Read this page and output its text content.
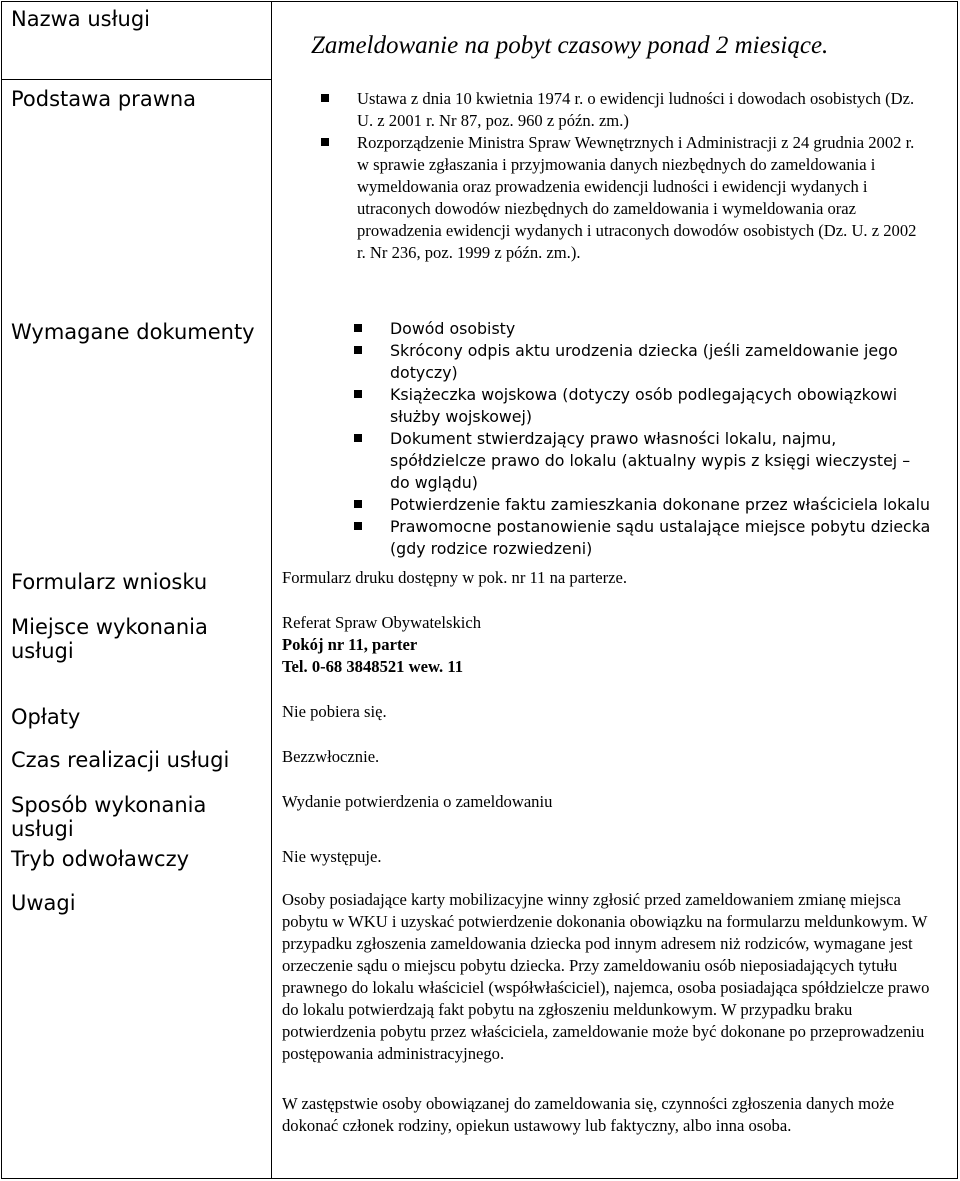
Nazwa usługi
Podstawa prawna
Wymagane dokumenty
Formularz wniosku
Miejsce wykonania usługi
Opłaty
Czas realizacji usługi
Sposób wykonania usługi
Tryb odwoławczy
Uwagi
Zameldowanie na pobyt czasowy ponad 2 miesiące.
Ustawa z dnia 10 kwietnia 1974 r. o ewidencji ludności i dowodach osobistych (Dz. U. z 2001 r. Nr 87, poz. 960 z późn. zm.)
Rozporządzenie Ministra Spraw Wewnętrznych i Administracji z 24 grudnia 2002 r. w sprawie zgłaszania i przyjmowania danych niezbędnych do zameldowania i wymeldowania oraz prowadzenia ewidencji ludności i ewidencji wydanych i utraconych dowodów niezbędnych do zameldowania i wymeldowania oraz prowadzenia ewidencji wydanych i utraconych dowodów osobistych (Dz. U. z 2002 r. Nr 236, poz. 1999 z późn. zm.).
Dowód osobisty
Skrócony odpis aktu urodzenia dziecka (jeśli zameldowanie jego dotyczy)
Książeczka wojskowa (dotyczy osób podlegających obowiązkowi służby wojskowej)
Dokument stwierdzający prawo własności lokalu, najmu, spółdzielcze prawo do lokalu (aktualny wypis z księgi wieczystej – do wglądu)
Potwierdzenie faktu zamieszkania dokonane przez właściciela lokalu
Prawomocne postanowienie sądu ustalające miejsce pobytu dziecka (gdy rodzice rozwiedzeni)
Formularz druku dostępny w pok. nr 11 na parterze.
Referat Spraw Obywatelskich
Pokój nr 11, parter
Tel. 0-68 3848521 wew. 11
Nie pobiera się.
Bezzwłocznie.
Wydanie potwierdzenia o zameldowaniu
Nie występuje.
Osoby posiadające karty mobilizacyjne winny zgłosić przed zameldowaniem zmianę miejsca pobytu w WKU i uzyskać potwierdzenie dokonania obowiązku na formularzu meldunkowym. W przypadku zgłoszenia zameldowania dziecka pod innym adresem niż rodziców, wymagane jest orzeczenie sądu o miejscu pobytu dziecka. Przy zameldowaniu osób nieposiadających tytułu prawnego do lokalu właściciel (współwłaściciel), najemca, osoba posiadająca spółdzielcze prawo do lokalu potwierdzają fakt pobytu na zgłoszeniu meldunkowym. W przypadku braku potwierdzenia pobytu przez właściciela, zameldowanie może być dokonane po przeprowadzeniu postępowania administracyjnego.
W zastępstwie osoby obowiązanej do zameldowania się, czynności zgłoszenia danych może dokonać członek rodziny, opiekun ustawowy lub faktyczny, albo inna osoba.
